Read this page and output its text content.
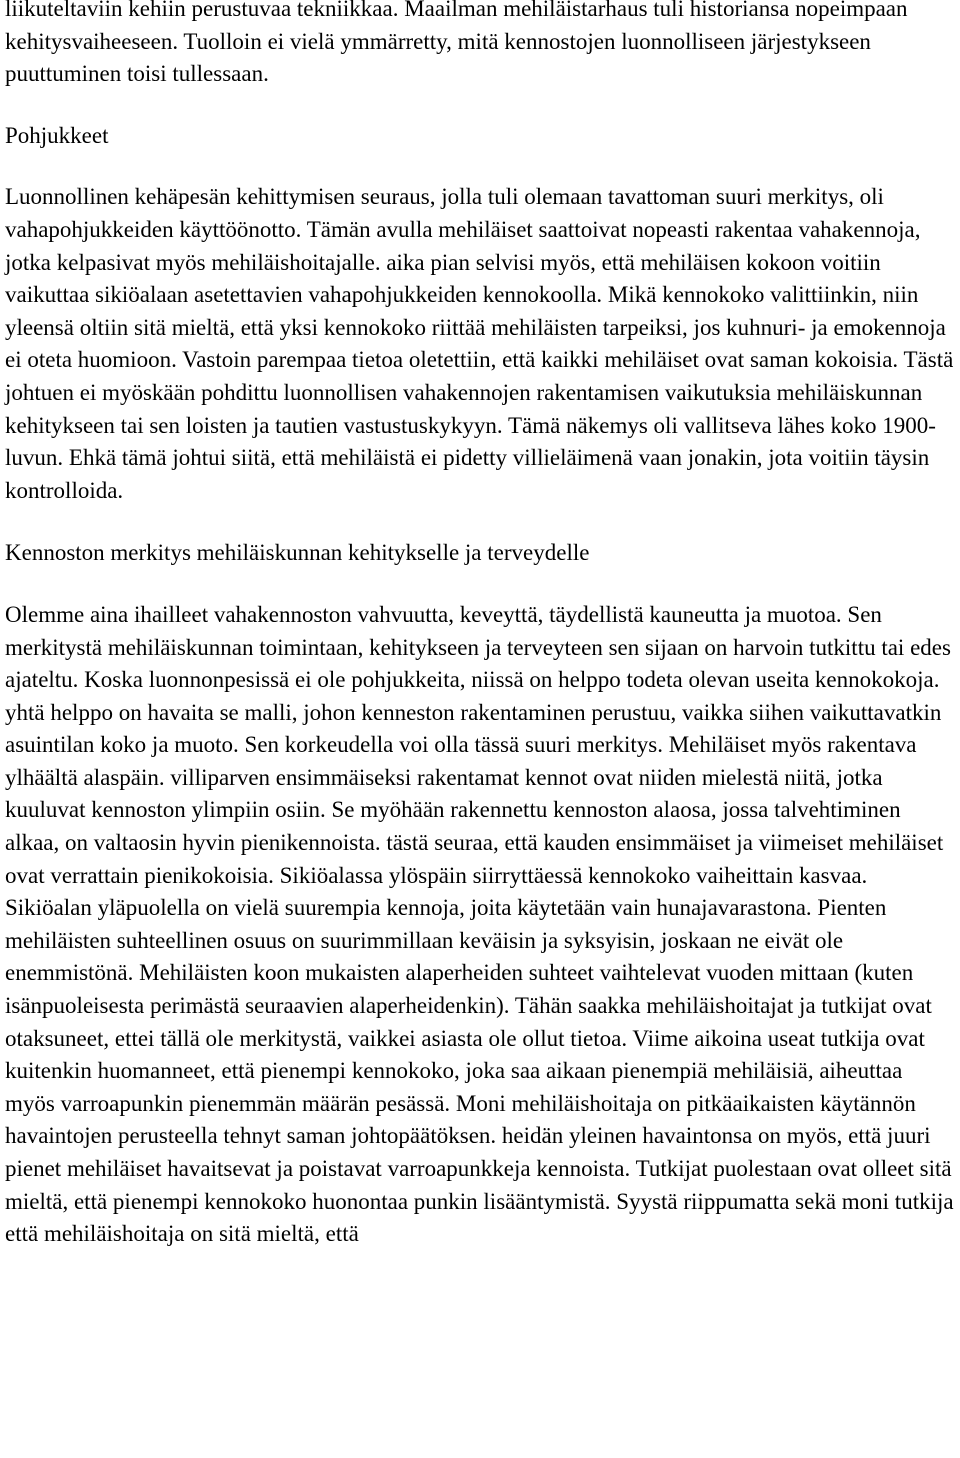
liikuteltaviin kehiin perustuvaa tekniikkaa. Maailman mehiläistarhaus tuli historiansa nopeimpaan kehitysvaiheeseen. Tuolloin ei vielä ymmärretty, mitä kennostojen luonnolliseen järjestykseen puuttuminen toisi tullessaan.

Pohjukkeet

Luonnollinen kehäpesän kehittymisen seuraus, jolla tuli olemaan tavattoman suuri merkitys, oli vahapohjukkeiden käyttöönotto. Tämän avulla mehiläiset saattoivat nopeasti rakentaa vahakennoja, jotka kelpasivat myös mehiläishoitajalle. aika pian selvisi myös, että mehiläisen kokoon voitiin vaikuttaa sikiöalaan asetettavien vahapohjukkeiden kennokoolla. Mikä kennokoko valittiinkin, niin yleensä oltiin sitä mieltä, että yksi kennokoko riittää mehiläisten tarpeiksi, jos kuhnuri- ja emokennoja ei oteta huomioon. Vastoin parempaa tietoa oletettiin, että kaikki mehiläiset ovat saman kokoisia. Tästä johtuen ei myöskään pohdittu luonnollisen vahakennojen rakentamisen vaikutuksia mehiläiskunnan kehitykseen tai sen loisten ja tautien vastustuskykyyn. Tämä näkemys oli vallitseva lähes koko 1900-luvun. Ehkä tämä johtui siitä, että mehiläistä ei pidetty villieläimenä vaan jonakin, jota voitiin täysin kontrolloida.

Kennoston merkitys mehiläiskunnan kehitykselle ja terveydelle

Olemme aina ihailleet vahakennoston vahvuutta, keveyttä, täydellistä kauneutta ja muotoa. Sen merkitystä mehiläiskunnan toimintaan, kehitykseen ja terveyteen sen sijaan on harvoin tutkittu tai edes ajateltu. Koska luonnonpesissä ei ole pohjukkeita, niissä on helppo todeta olevan useita kennokokoja. yhtä helppo on havaita se malli, johon kenneston rakentaminen perustuu, vaikka siihen vaikuttavatkin asuintilan koko ja muoto. Sen korkeudella voi olla tässä suuri merkitys. Mehiläiset myös rakentava ylhäältä alaspäin. villiparven ensimmäiseksi rakentamat kennot ovat niiden mielestä niitä, jotka kuuluvat kennoston ylimpiin osiin. Se myöhään rakennettu kennoston alaosa, jossa talvehtiminen alkaa, on valtaosin hyvin pienikennoista. tästä seuraa, että kauden ensimmäiset ja viimeiset mehiläiset ovat verrattain pienikokoisia. Sikiöalassa ylöspäin siirryttäessä kennokoko vaiheittain kasvaa. Sikiöalan yläpuolella on vielä suurempia kennoja, joita käytetään vain hunajavarastona. Pienten mehiläisten suhteellinen osuus on suurimmillaan keväisin ja syksyisin, joskaan ne eivät ole enemmistönä. Mehiläisten koon mukaisten alaperheiden suhteet vaihtelevat vuoden mittaan (kuten isänpuoleisesta perimästä seuraavien alaperheidenkin). Tähän saakka mehiläishoitajat ja tutkijat ovat otaksuneet, ettei tällä ole merkitystä, vaikkei asiasta ole ollut tietoa. Viime aikoina useat tutkija ovat kuitenkin huomanneet, että pienempi kennokoko, joka saa aikaan pienempiä mehiläisiä, aiheuttaa myös varroapunkin pienemmän määrän pesässä. Moni mehiläishoitaja on pitkäaikaisten käytännön havaintojen perusteella tehnyt saman johtopäätöksen. heidän yleinen havaintonsa on myös, että juuri pienet mehiläiset havaitsevat ja poistavat varroapunkkeja kennoista. Tutkijat puolestaan ovat olleet sitä mieltä, että pienempi kennokoko huonontaa punkin lisääntymistä. Syystä riippumatta sekä moni tutkija että mehiläishoitaja on sitä mieltä, että
